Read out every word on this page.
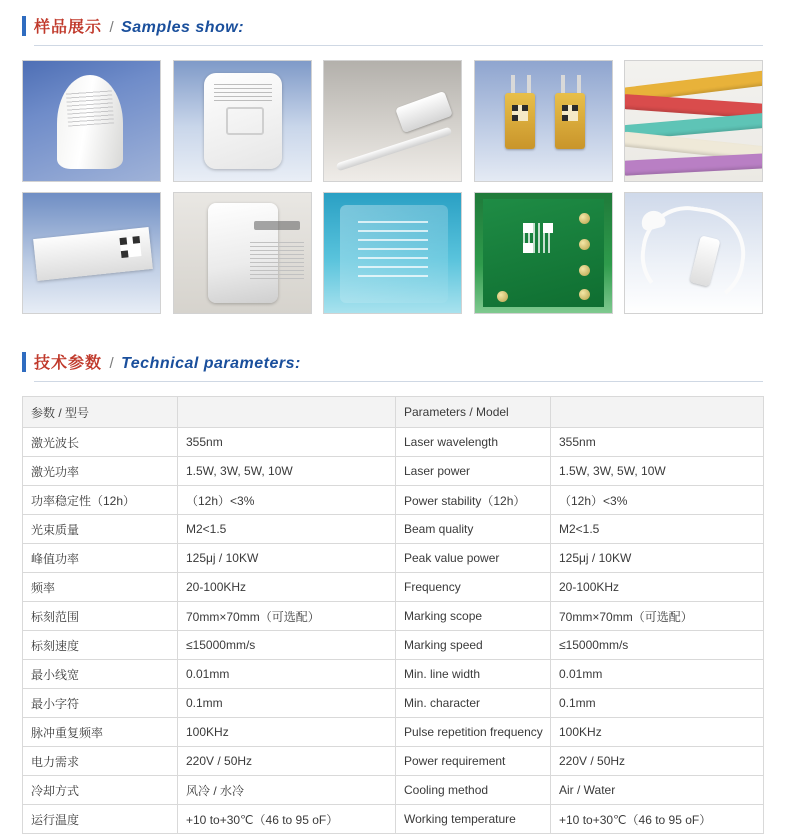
样品展示 / Samples show:
技术参数 / Technical parameters:
参数 / 型号		Parameters / Model	
激光波长	355nm	Laser wavelength	355nm
激光功率	1.5W, 3W, 5W, 10W	Laser power	1.5W, 3W, 5W, 10W
功率稳定性（12h）	（12h）<3%	Power stability（12h）	（12h）<3%
光束质量	M2<1.5	Beam quality	M2<1.5
峰值功率	125μj / 10KW	Peak value power	125μj / 10KW
频率	20-100KHz	Frequency	20-100KHz
标刻范围	70mm×70mm（可选配）	Marking scope	70mm×70mm（可选配）
标刻速度	≤15000mm/s	Marking speed	≤15000mm/s
最小线宽	0.01mm	Min. line width	0.01mm
最小字符	0.1mm	Min. character	0.1mm
脉冲重复频率	100KHz	Pulse repetition frequency	100KHz
电力需求	220V / 50Hz	Power requirement	220V / 50Hz
冷却方式	风冷 / 水冷	Cooling method	Air / Water
运行温度	+10 to+30℃（46 to 95 oF）	Working temperature	+10 to+30℃（46 to 95 oF）
